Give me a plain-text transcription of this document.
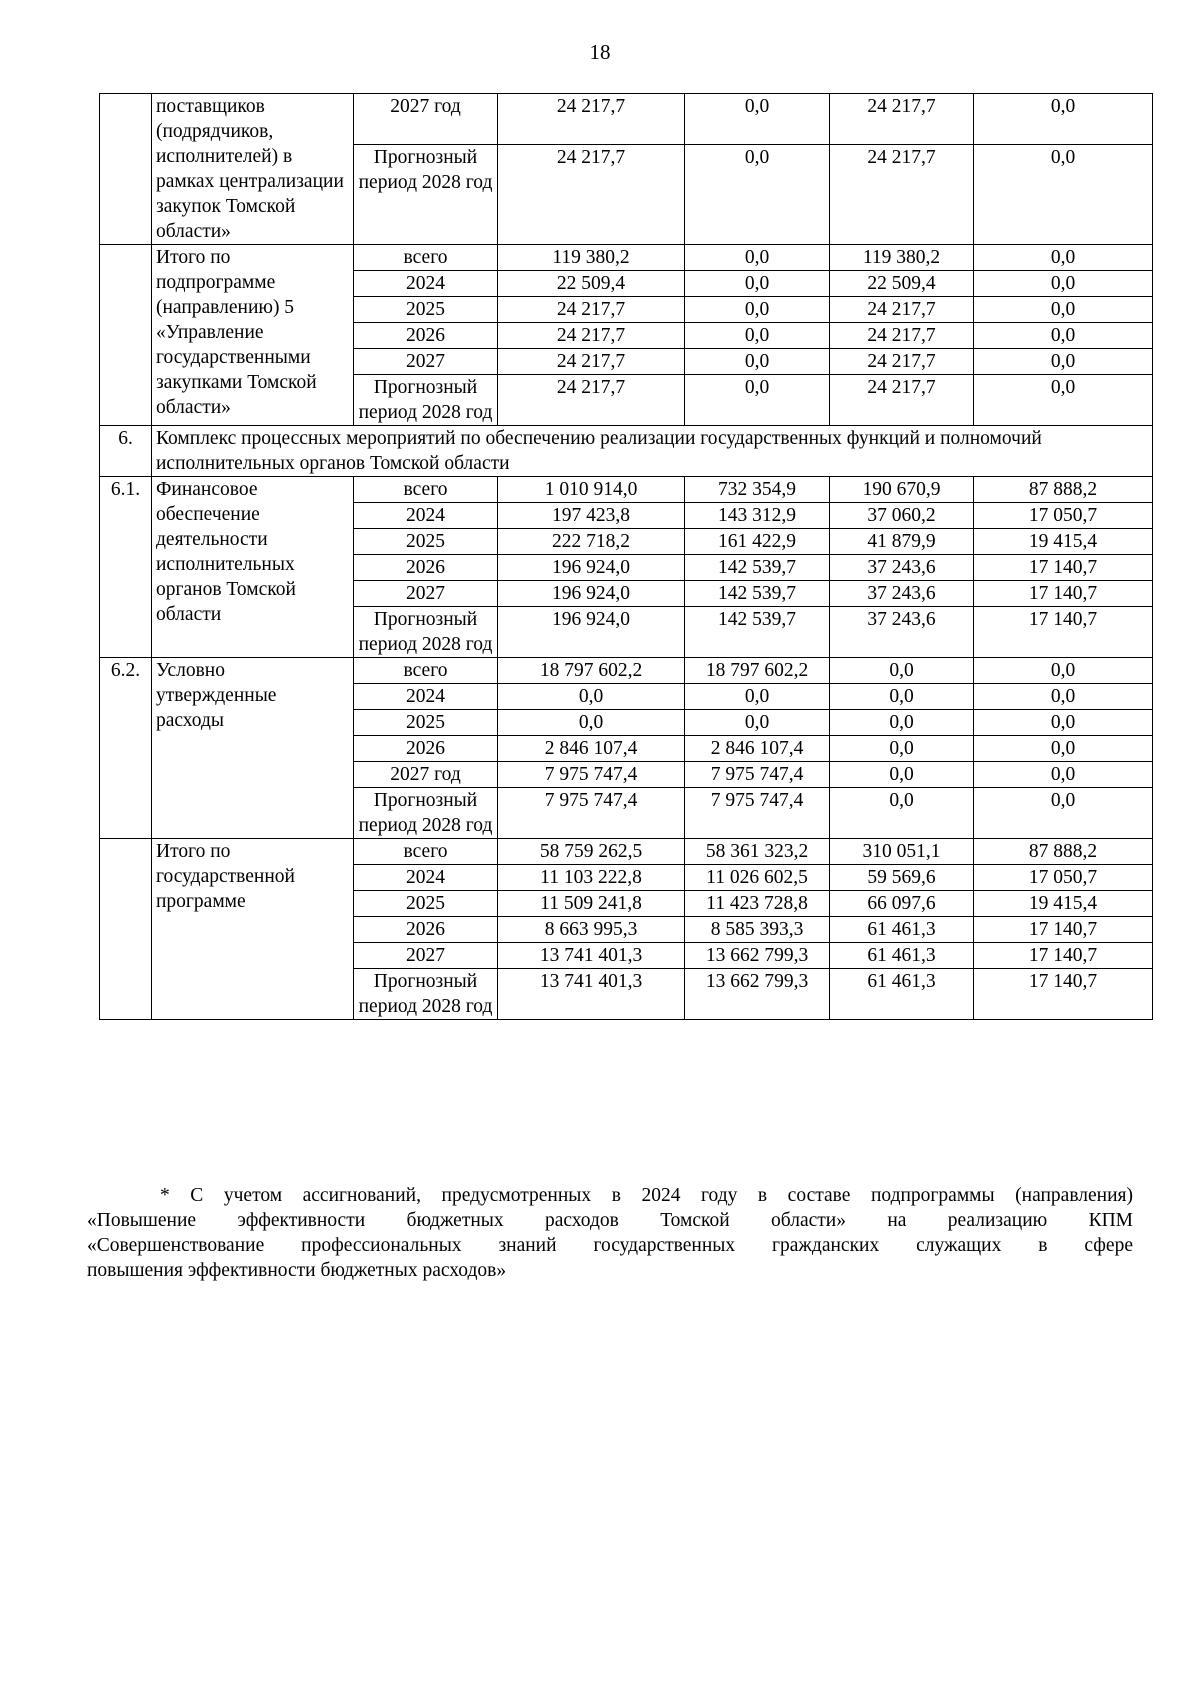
18
	поставщиков (подрядчиков, исполнителей) в рамках централизации закупок Томской области»	2027 год	24 217,7	0,0	24 217,7	0,0
		Прогнозный период 2028 год	24 217,7	0,0	24 217,7	0,0
	Итого по подпрограмме (направлению) 5 «Управление государственными закупками Томской области»	всего	119 380,2	0,0	119 380,2	0,0
		2024	22 509,4	0,0	22 509,4	0,0
		2025	24 217,7	0,0	24 217,7	0,0
		2026	24 217,7	0,0	24 217,7	0,0
		2027	24 217,7	0,0	24 217,7	0,0
		Прогнозный период 2028 год	24 217,7	0,0	24 217,7	0,0
6.	Комплекс процессных мероприятий по обеспечению реализации государственных функций и полномочий исполнительных органов Томской области					
6.1.	Финансовое обеспечение деятельности исполнительных органов Томской области	всего	1 010 914,0	732 354,9	190 670,9	87 888,2
		2024	197 423,8	143 312,9	37 060,2	17 050,7
		2025	222 718,2	161 422,9	41 879,9	19 415,4
		2026	196 924,0	142 539,7	37 243,6	17 140,7
		2027	196 924,0	142 539,7	37 243,6	17 140,7
		Прогнозный период 2028 год	196 924,0	142 539,7	37 243,6	17 140,7
6.2.	Условно утвержденные расходы	всего	18 797 602,2	18 797 602,2	0,0	0,0
		2024	0,0	0,0	0,0	0,0
		2025	0,0	0,0	0,0	0,0
		2026	2 846 107,4	2 846 107,4	0,0	0,0
		2027 год	7 975 747,4	7 975 747,4	0,0	0,0
		Прогнозный период 2028 год	7 975 747,4	7 975 747,4	0,0	0,0
	Итого по государственной программе	всего	58 759 262,5	58 361 323,2	310 051,1	87 888,2
		2024	11 103 222,8	11 026 602,5	59 569,6	17 050,7
		2025	11 509 241,8	11 423 728,8	66 097,6	19 415,4
		2026	8 663 995,3	8 585 393,3	61 461,3	17 140,7
		2027	13 741 401,3	13 662 799,3	61 461,3	17 140,7
		Прогнозный период 2028 год	13 741 401,3	13 662 799,3	61 461,3	17 140,7
* С учетом ассигнований, предусмотренных в 2024 году в составе подпрограммы (направления)
«Повышение эффективности бюджетных расходов Томской области» на реализацию КПМ
«Совершенствование профессиональных знаний государственных гражданских служащих в сфере
повышения эффективности бюджетных расходов»
